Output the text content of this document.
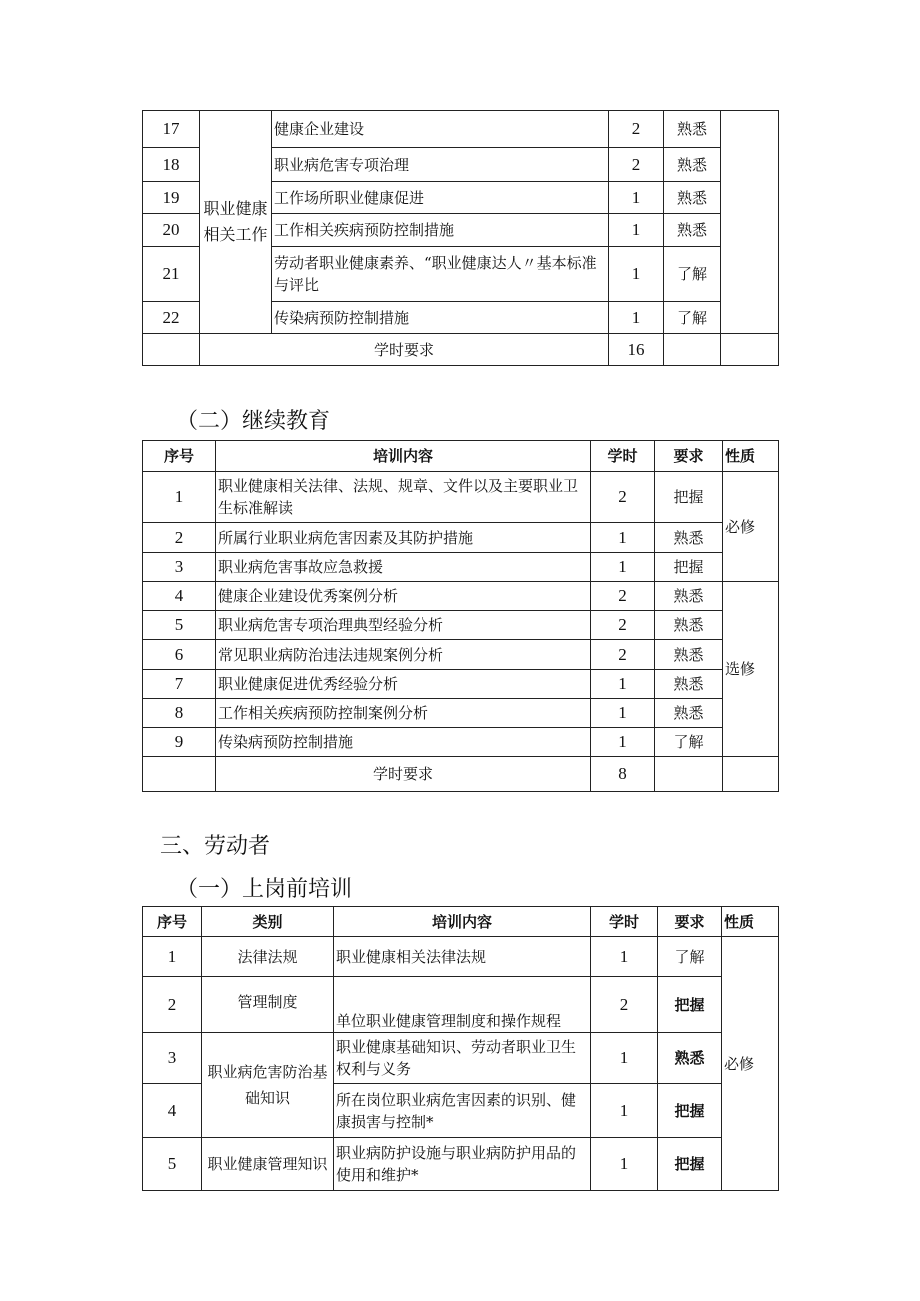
17	职业健康相关工作	健康企业建设	2	熟悉	
18		职业病危害专项治理	2	熟悉	
19		工作场所职业健康促进	1	熟悉	
20		工作相关疾病预防控制措施	1	熟悉	
21		劳动者职业健康素养、“职业健康达人〃基本标准与评比	1	了解	
22		传染病预防控制措施	1	了解	
	学时要求		16		
（二）继续教育
序号	培训内容	学时	要求	性质
1	职业健康相关法律、法规、规章、文件以及主要职业卫生标准解读	2	把握	必修
2	所属行业职业病危害因素及其防护措施	1	熟悉	
3	职业病危害事故应急救援	1	把握	
4	健康企业建设优秀案例分析	2	熟悉	选修
5	职业病危害专项治理典型经验分析	2	熟悉	
6	常见职业病防治违法违规案例分析	2	熟悉	
7	职业健康促进优秀经验分析	1	熟悉	
8	工作相关疾病预防控制案例分析	1	熟悉	
9	传染病预防控制措施	1	了解	
	学时要求	8		
三、劳动者
（一）上岗前培训
序号	类别	培训内容	学时	要求	性质
1	法律法规	职业健康相关法律法规	1	了解	必修
2	管理制度	单位职业健康管理制度和操作规程	2	把握	
3	职业病危害防治基础知识	职业健康基础知识、劳动者职业卫生权利与义务	1	熟悉	
4		所在岗位职业病危害因素的识别、健康损害与控制*	1	把握	
5	职业健康管理知识	职业病防护设施与职业病防护用品的使用和维护*	1	把握	
